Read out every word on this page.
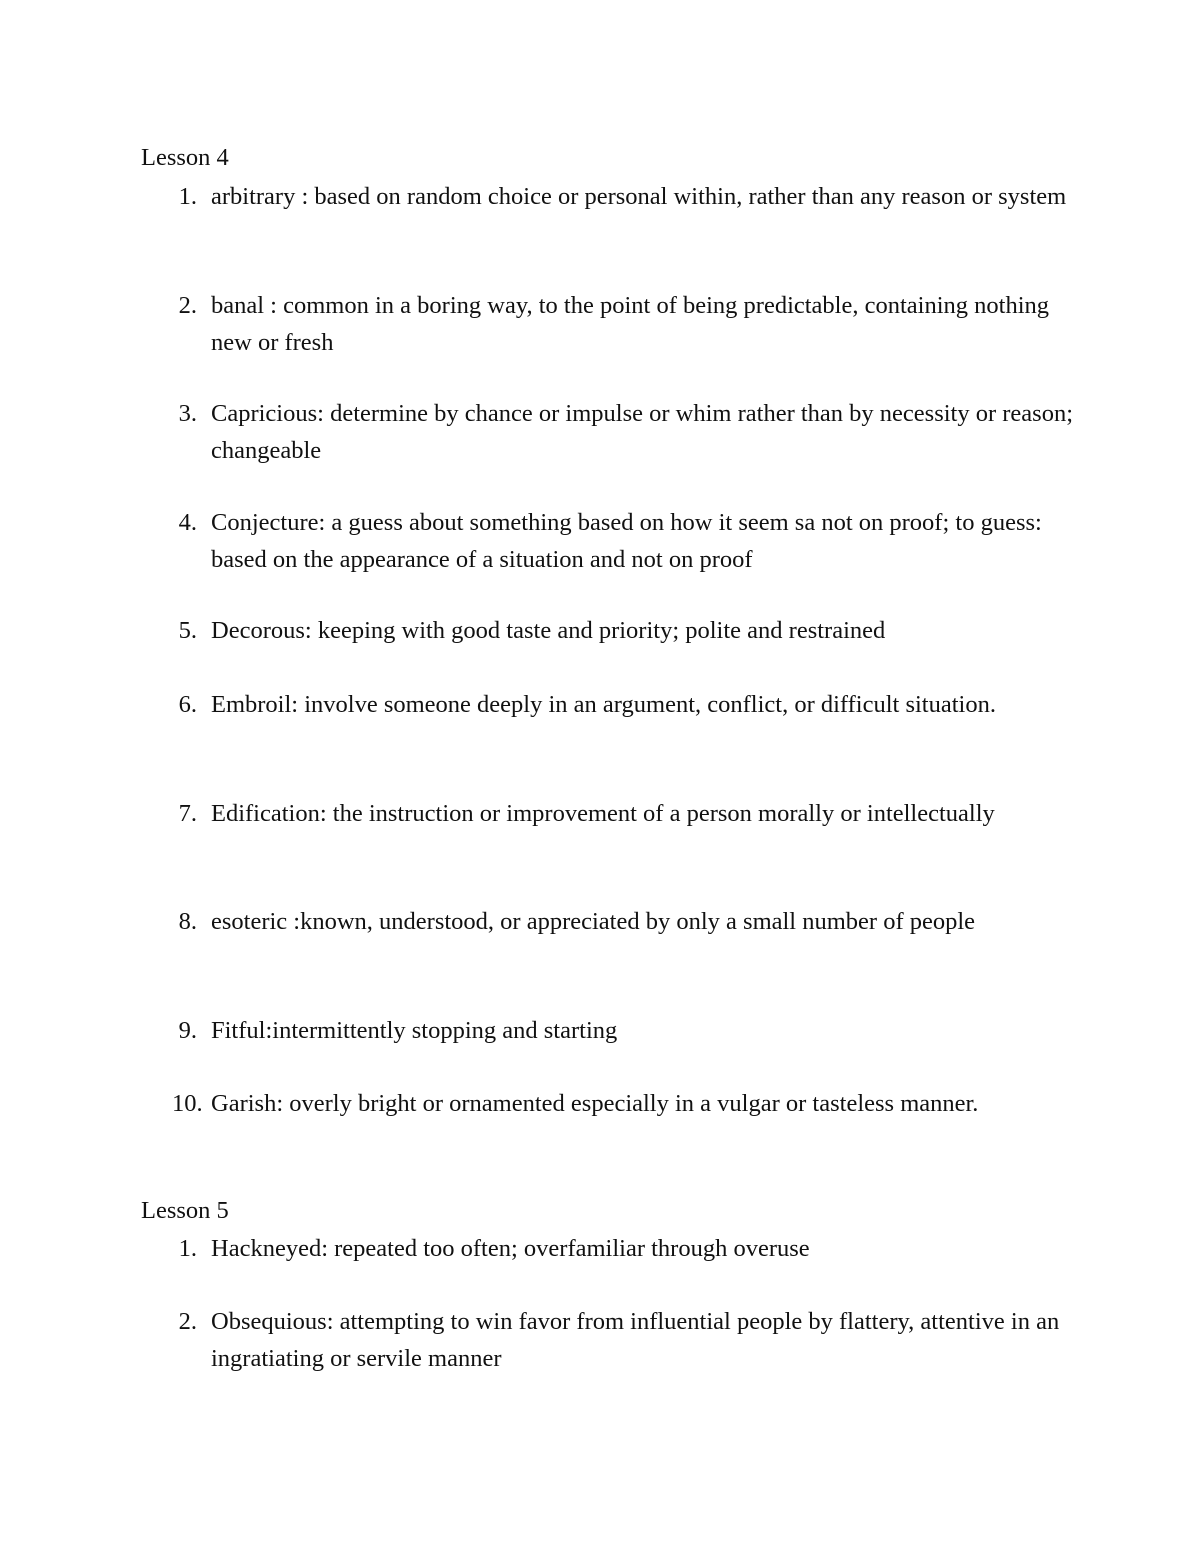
Lesson 4
1. arbitrary : based on random choice or personal within, rather than any reason or system
2. banal : common in a boring way, to the point of being predictable, containing nothing new or fresh
3. Capricious: determine by chance or impulse or whim rather than by necessity or reason; changeable
4. Conjecture: a guess about something based on how it seem sa not on proof; to guess: based on the appearance of a situation and not on proof
5. Decorous: keeping with good taste and priority; polite and restrained
6. Embroil: involve someone deeply in an argument, conflict, or difficult situation.
7. Edification: the instruction or improvement of a person morally or intellectually
8. esoteric :known, understood, or appreciated by only a small number of people
9. Fitful:intermittently stopping and starting
10. Garish: overly bright or ornamented especially in a vulgar or tasteless manner.
Lesson 5
1. Hackneyed: repeated too often; overfamiliar through overuse
2. Obsequious: attempting to win favor from influential people by flattery, attentive in an ingratiating or servile manner
